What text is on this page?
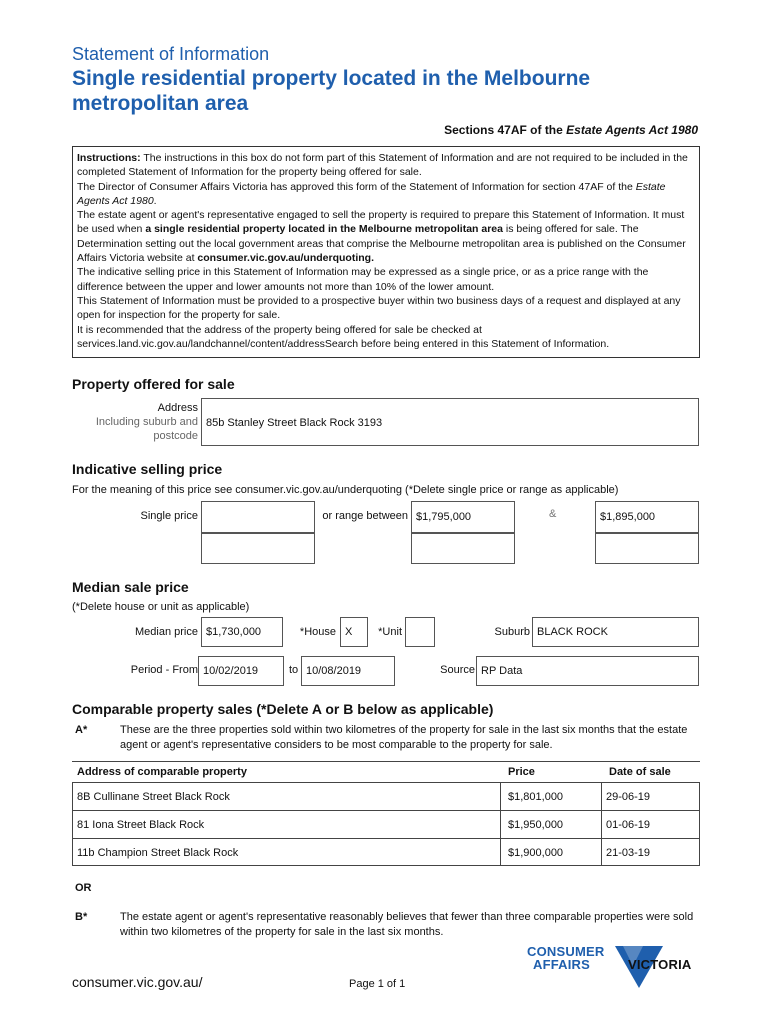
Statement of Information
Single residential property located in the Melbourne metropolitan area
Sections 47AF of the Estate Agents Act 1980

Instructions: The instructions in this box do not form part of this Statement of Information and are not required to be included in the completed Statement of Information for the property being offered for sale.

The Director of Consumer Affairs Victoria has approved this form of the Statement of Information for section 47AF of the Estate Agents Act 1980.

The estate agent or agent's representative engaged to sell the property is required to prepare this Statement of Information. It must be used when a single residential property located in the Melbourne metropolitan area is being offered for sale. The Determination setting out the local government areas that comprise the Melbourne metropolitan area is published on the Consumer Affairs Victoria website at consumer.vic.gov.au/underquoting.

The indicative selling price in this Statement of Information may be expressed as a single price, or as a price range with the difference between the upper and lower amounts not more than 10% of the lower amount.

This Statement of Information must be provided to a prospective buyer within two business days of a request and displayed at any open for inspection for the property for sale.

It is recommended that the address of the property being offered for sale be checked at services.land.vic.gov.au/landchannel/content/addressSearch before being entered in this Statement of Information.

Property offered for sale
Address
Including suburb and
postcode
85b Stanley Street Black Rock 3193
Indicative selling price
For the meaning of this price see consumer.vic.gov.au/underquoting (*Delete single price or range as applicable)
Single price	or range between $1,795,000	&	$1,895,000
Median sale price
(*Delete house or unit as applicable)
Median price $1,730,000	*House X	*Unit	Suburb BLACK ROCK
Period - From 10/02/2019	to 10/08/2019	Source RP Data
Comparable property sales (*Delete A or B below as applicable)
A*	These are the three properties sold within two kilometres of the property for sale in the last six months that the estate agent or agent's representative considers to be most comparable to the property for sale.
Address of comparable property	Price	Date of sale
8B Cullinane Street Black Rock	$1,801,000	29-06-19
81 Iona Street Black Rock	$1,950,000	01-06-19
11b Champion Street Black Rock	$1,900,000	21-03-19
OR
B*	The estate agent or agent's representative reasonably believes that fewer than three comparable properties were sold within two kilometres of the property for sale in the last six months.
consumer.vic.gov.au/	Page 1 of 1
CONSUMER
AFFAIRS	VICTORIA
